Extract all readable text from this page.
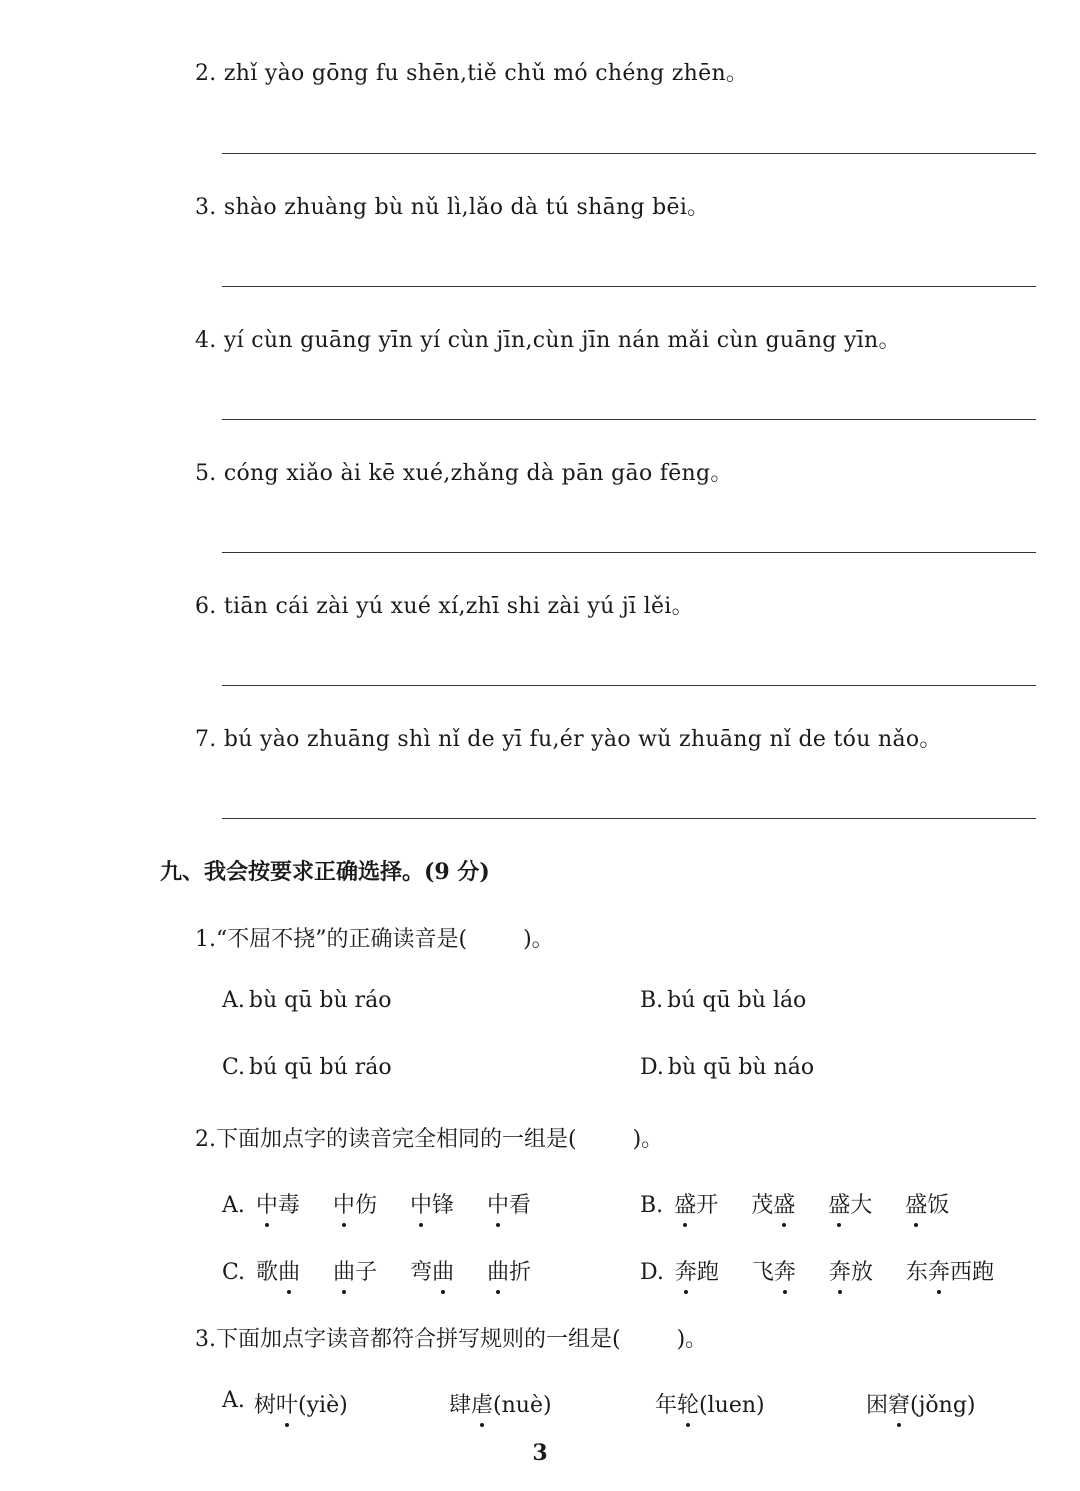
2. zhǐ yào gōng fu shēn,tiě chǔ mó chéng zhēn。
3. shào zhuàng bù nǔ lì,lǎo dà tú shāng bēi。
4. yí cùn guāng yīn yí cùn jīn,cùn jīn nán mǎi cùn guāng yīn。
5. cóng xiǎo ài kē xué,zhǎng dà pān gāo fēng。
6. tiān cái zài yú xué xí,zhī shi zài yú jī lěi。
7. bú yào zhuāng shì nǐ de yī fu,ér yào wǔ zhuāng nǐ de tóu nǎo。
九、我会按要求正确选择。(9 分)
1.“不屈不挠”的正确读音是(	)。
A. bù qū bù ráo	B. bú qū bù láo
C. bú qū bú ráo	D. bù qū bù náo
2.下面加点字的读音完全相同的一组是(	)。
A. 中毒 中伤 中锋 中看	B. 盛开 茂盛 盛大 盛饭
C. 歌曲 曲子 弯曲 曲折	D. 奔跑 飞奔 奔放 东奔西跑
3.下面加点字读音都符合拼写规则的一组是(	)。
A. 树叶(yiè)	肆虐(nuè)	年轮(luen)	困窘(jǒng)
3
